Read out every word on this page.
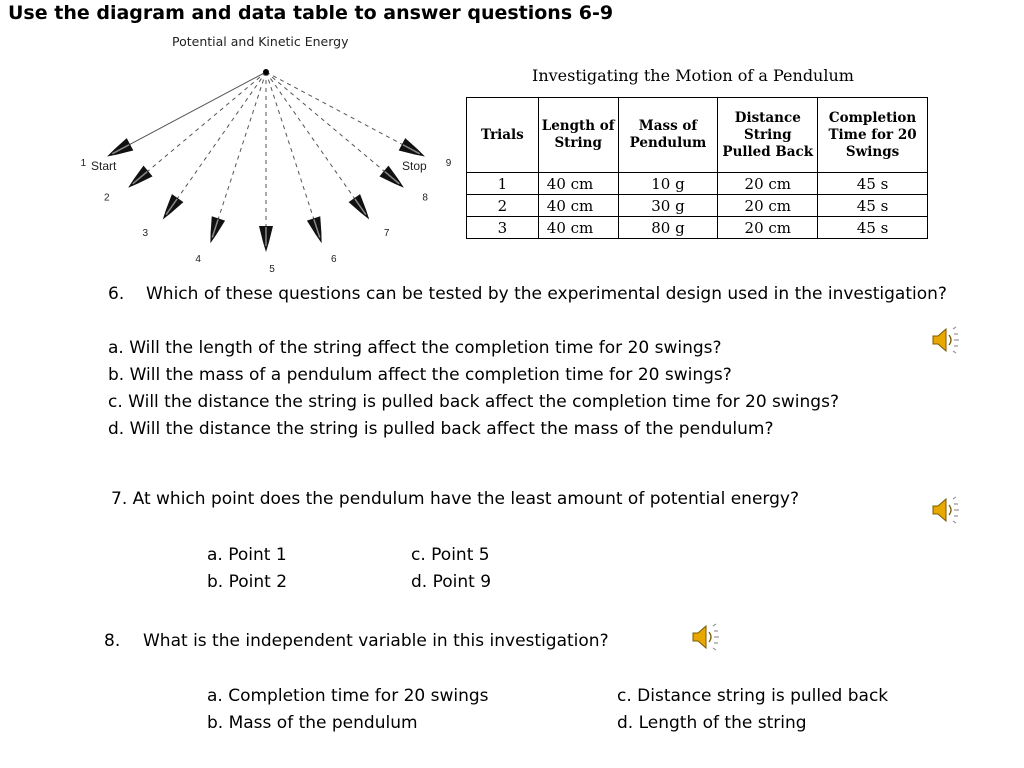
Use the diagram and data table to answer questions 6-9
Potential and Kinetic Energy
1
2
3
4
5
6
7
8
9
Start	Stop
Investigating the Motion of a Pendulum
Trials	Length of String	Mass of Pendulum	Distance String Pulled Back	Completion Time for 20 Swings
1	40 cm	10 g	20 cm	45 s
2	40 cm	30 g	20 cm	45 s
3	40 cm	80 g	20 cm	45 s
6. Which of these questions can be tested by the experimental design used in the investigation?
a. Will the length of the string affect the completion time for 20 swings?
b. Will the mass of a pendulum affect the completion time for 20 swings?
c. Will the distance the string is pulled back affect the completion time for 20 swings?
d. Will the distance the string is pulled back affect the mass of the pendulum?
7. At which point does the pendulum have the least amount of potential energy?
a. Point 1
b. Point 2
c. Point 5
d. Point 9
8. What is the independent variable in this investigation?
a. Completion time for 20 swings
b. Mass of the pendulum
c. Distance string is pulled back
d. Length of the string
